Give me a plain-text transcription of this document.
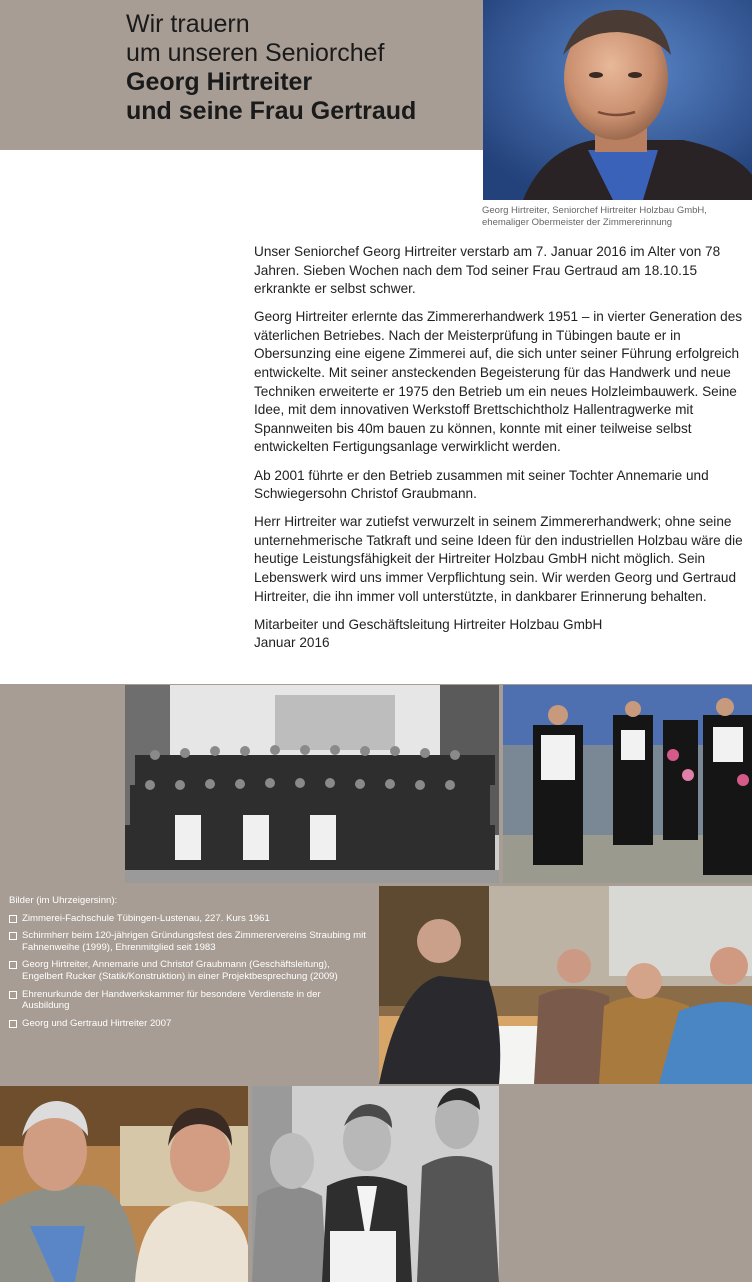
Wir trauern
um unseren Seniorchef
Georg Hirtreiter
und seine Frau Gertraud
Georg Hirtreiter, Seniorchef Hirtreiter Holzbau GmbH,
ehemaliger Obermeister der Zimmererinnung

Unser Seniorchef Georg Hirtreiter verstarb am 7. Januar 2016 im Alter von 78 Jahren. Sieben Wochen nach dem Tod seiner Frau Gertraud am 18.10.15 erkrankte er selbst schwer.

Georg Hirtreiter erlernte das Zimmererhandwerk 1951 – in vierter Generation des väterlichen Betriebes. Nach der Meisterprüfung in Tübingen baute er in Obersunzing eine eigene Zimmerei auf, die sich unter seiner Führung erfolgreich entwickelte. Mit seiner ansteckenden Begeisterung für das Handwerk und neue Techniken erweiterte er 1975 den Betrieb um ein neues Holzleimbauwerk. Seine Idee, mit dem innovativen Werkstoff Brettschichtholz Hallentragwerke mit Spannweiten bis 40m bauen zu können, konnte mit einer teilweise selbst entwickelten Fertigungsanlage verwirklicht werden.

Ab 2001 führte er den Betrieb zusammen mit seiner Tochter Annemarie und Schwiegersohn Christof Graubmann.

Herr Hirtreiter war zutiefst verwurzelt in seinem Zimmererhandwerk; ohne seine unternehmerische Tatkraft und seine Ideen für den industriellen Holzbau wäre die heutige Leistungsfähigkeit der Hirtreiter Holzbau GmbH nicht möglich. Sein Lebenswerk wird uns immer Verpflichtung sein. Wir werden Georg und Gertraud Hirtreiter, die ihn immer voll unterstützte, in dankbarer Erinnerung behalten.

Mitarbeiter und Geschäftsleitung Hirtreiter Holzbau GmbH
Januar 2016
Bilder (im Uhrzeigersinn):
Zimmerei-Fachschule Tübingen-Lustenau, 227. Kurs 1961
Schirmherr beim 120-jährigen Gründungsfest des Zimmerervereins Straubing mit Fahnenweihe (1999), Ehrenmitglied seit 1983
Georg Hirtreiter, Annemarie und Christof Graubmann (Geschäftsleitung), Engelbert Rucker (Statik/Konstruktion) in einer Projektbesprechung (2009)
Ehrenurkunde der Handwerkskammer für besondere Verdienste in der Ausbildung
Georg und Gertraud Hirtreiter 2007
